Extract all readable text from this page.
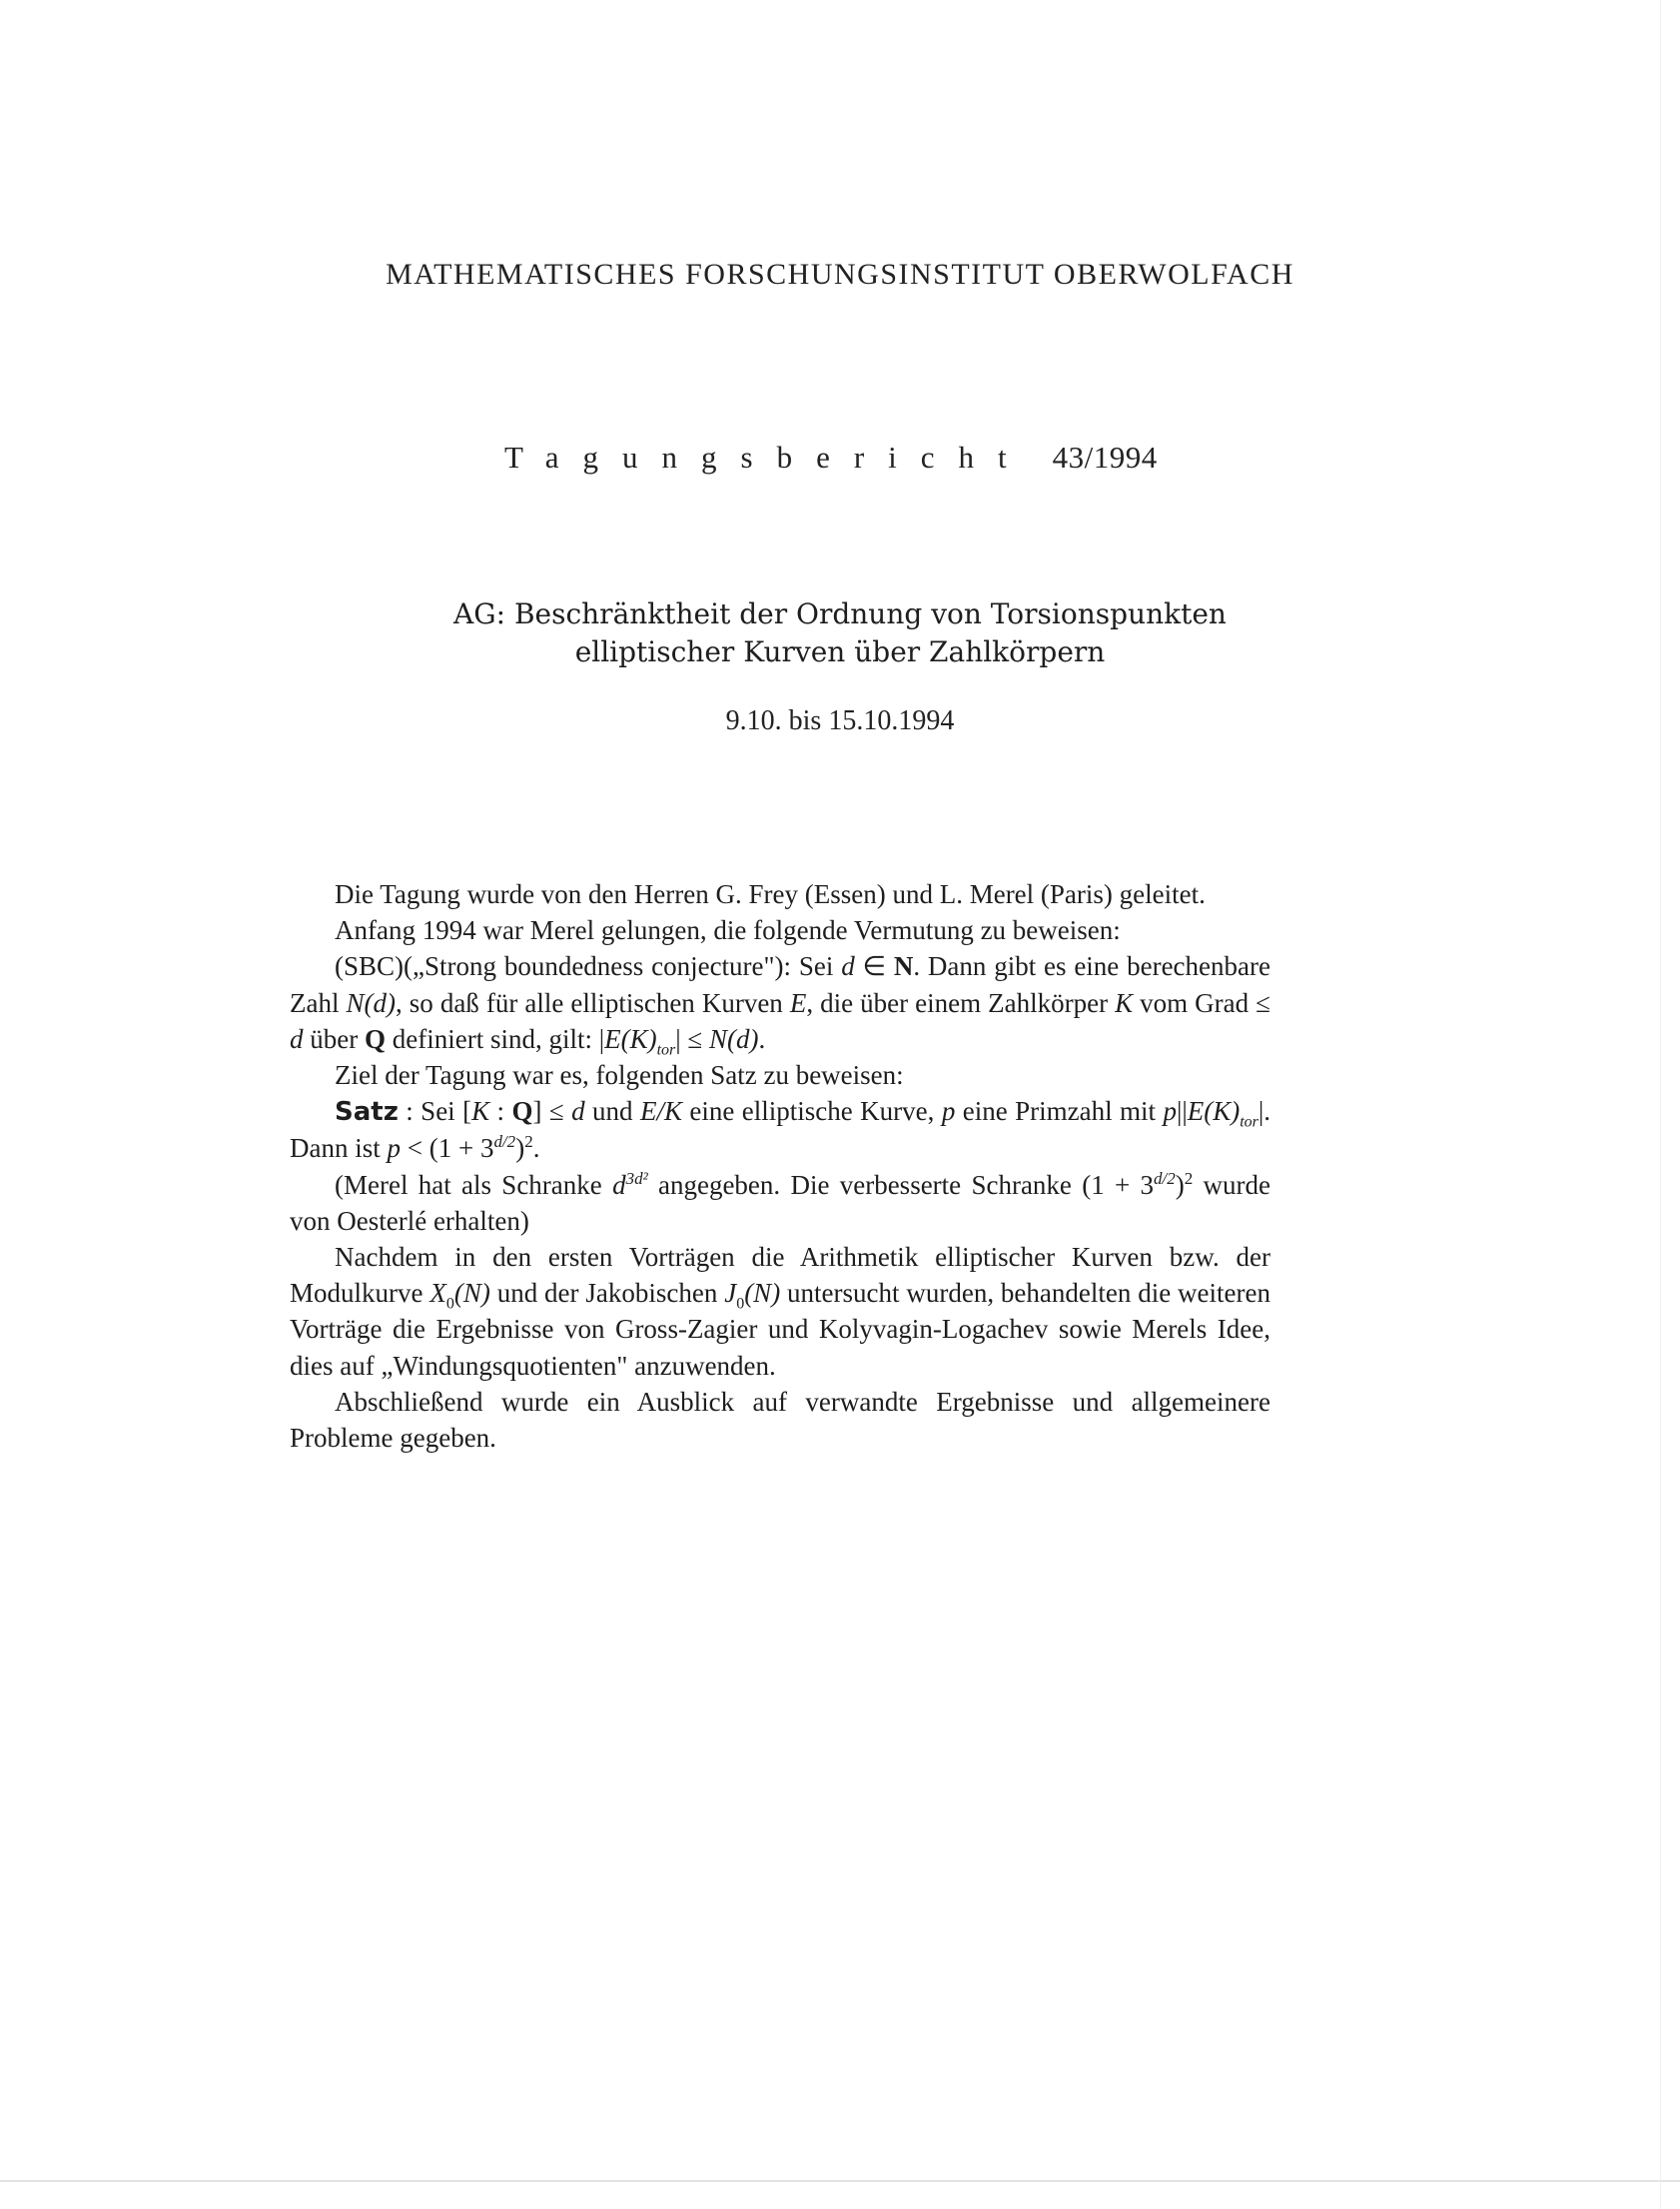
MATHEMATISCHES FORSCHUNGSINSTITUT OBERWOLFACH
Tagungsbericht 43/1994
AG: Beschränktheit der Ordnung von Torsionspunkten
elliptischer Kurven über Zahlkörpern
9.10. bis 15.10.1994

Die Tagung wurde von den Herren G. Frey (Essen) und L. Merel (Paris) geleitet.

Anfang 1994 war Merel gelungen, die folgende Vermutung zu beweisen:

(SBC)(„Strong boundedness conjecture"): Sei d ∈ N. Dann gibt es eine berechenbare Zahl N(d), so daß für alle elliptischen Kurven E, die über einem Zahlkörper K vom Grad ≤ d über Q definiert sind, gilt: $|E(K)_{tor}| \le N(d)$.

Ziel der Tagung war es, folgenden Satz zu beweisen:

Satz : Sei [K : Q] ≤ d und E/K eine elliptische Kurve, p eine Primzahl mit $p||E(K)_{tor}|$. Dann ist $p < (1 + 3^{d/2})^2$.

(Merel hat als Schranke $d^{3d^2}$ angegeben. Die verbesserte Schranke $(1 + 3^{d/2})^2$ wurde von Oesterlé erhalten)

Nachdem in den ersten Vorträgen die Arithmetik elliptischer Kurven bzw. der Modulkurve $X_0(N)$ und der Jakobischen $J_0(N)$ untersucht wurden, behandelten die weiteren Vorträge die Ergebnisse von Gross-Zagier und Kolyvagin-Logachev sowie Merels Idee, dies auf „Windungsquotienten" anzuwenden.

Abschließend wurde ein Ausblick auf verwandte Ergebnisse und allgemeinere Probleme gegeben.
